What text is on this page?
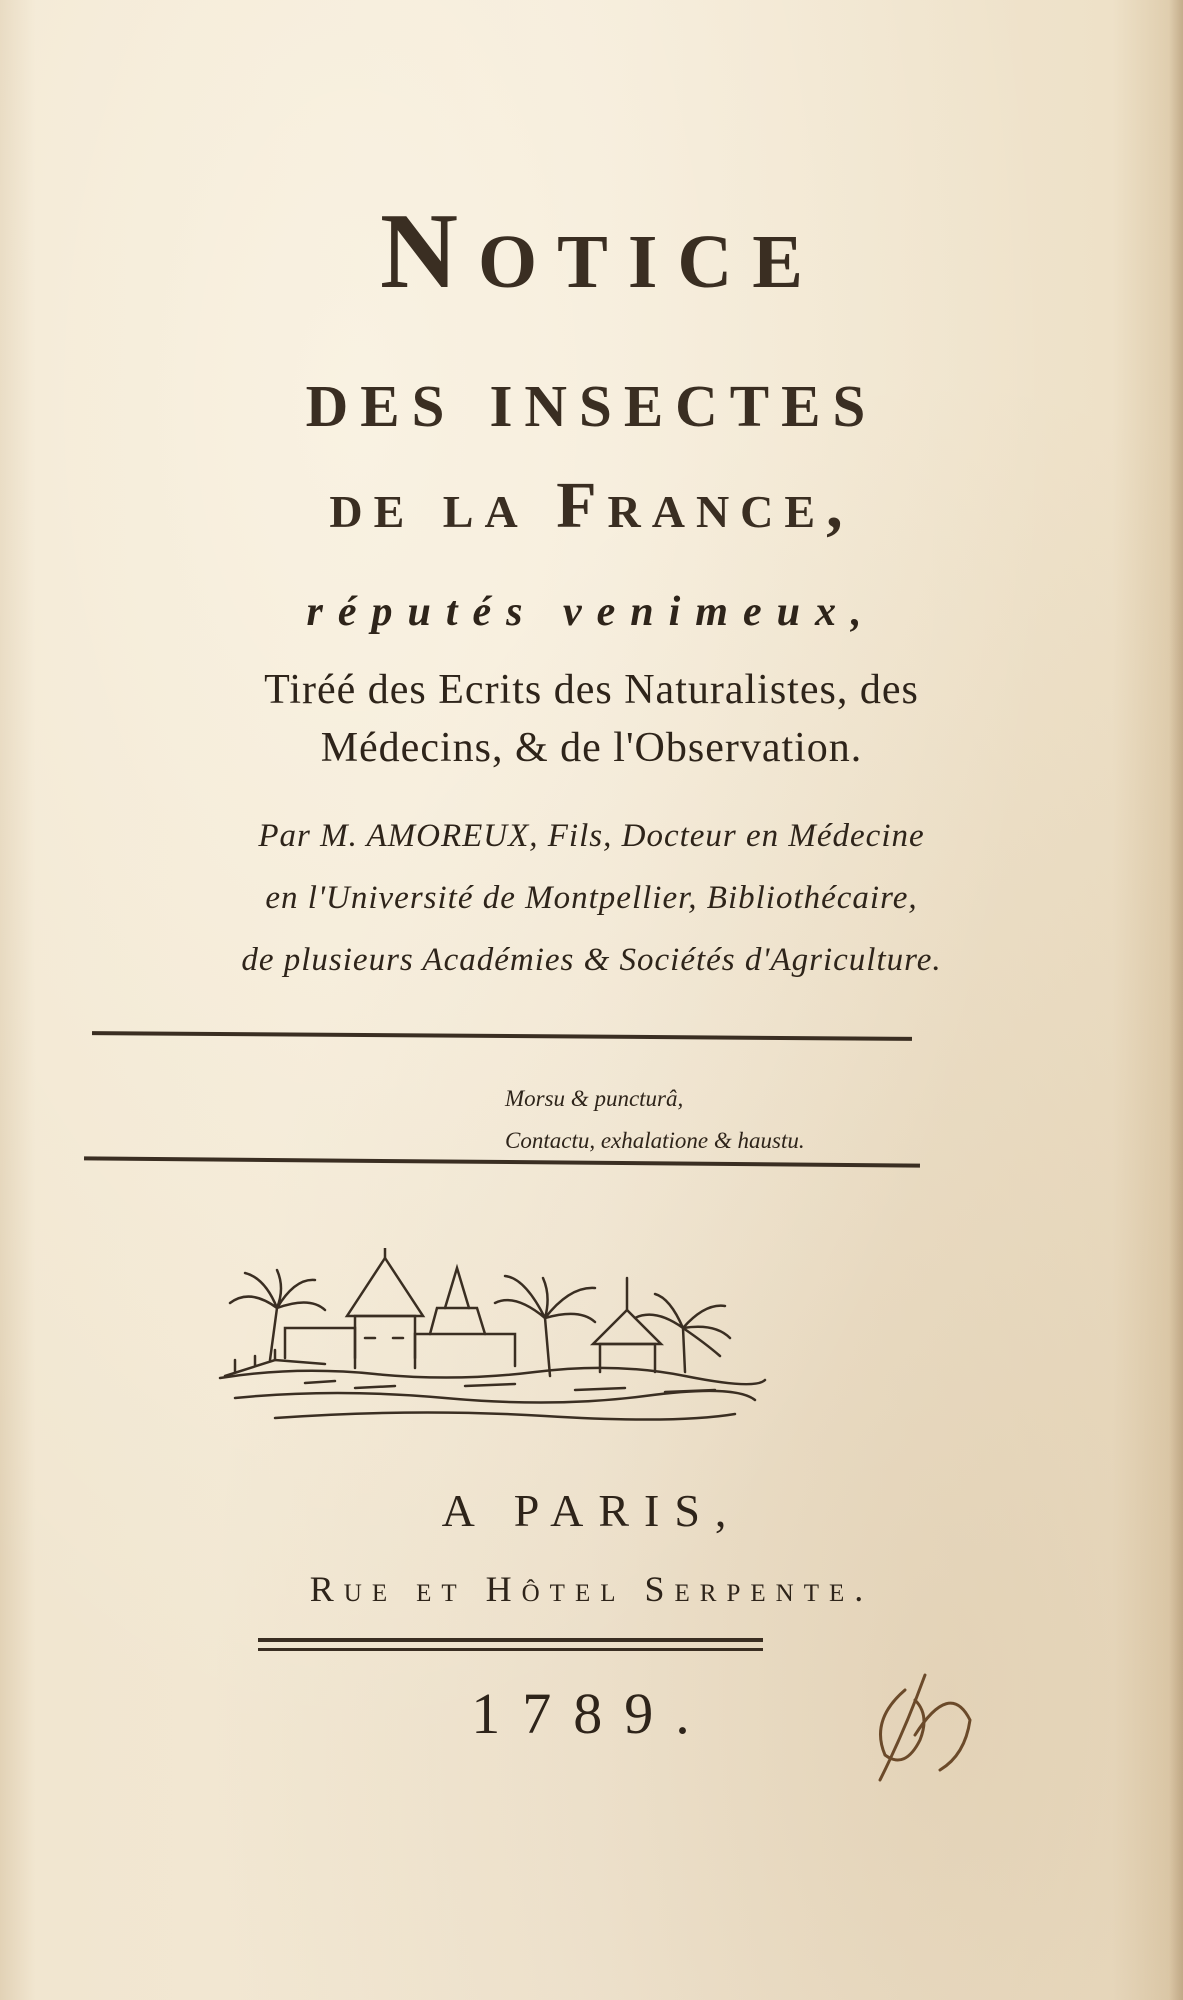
Notice
des insectes
de la France,
réputés venimeux,
Tiréé des Ecrits des Naturalistes, des
Médecins, & de l'Observation.
Par M. AMOREUX, Fils, Docteur en Médecine
en l'Université de Montpellier, Bibliothécaire,
de plusieurs Académies & Sociétés d'Agriculture.
Morsu & puncturâ,
Contactu, exhalatione & haustu.
A PARIS,
Rue et Hôtel Serpente.
1789.
